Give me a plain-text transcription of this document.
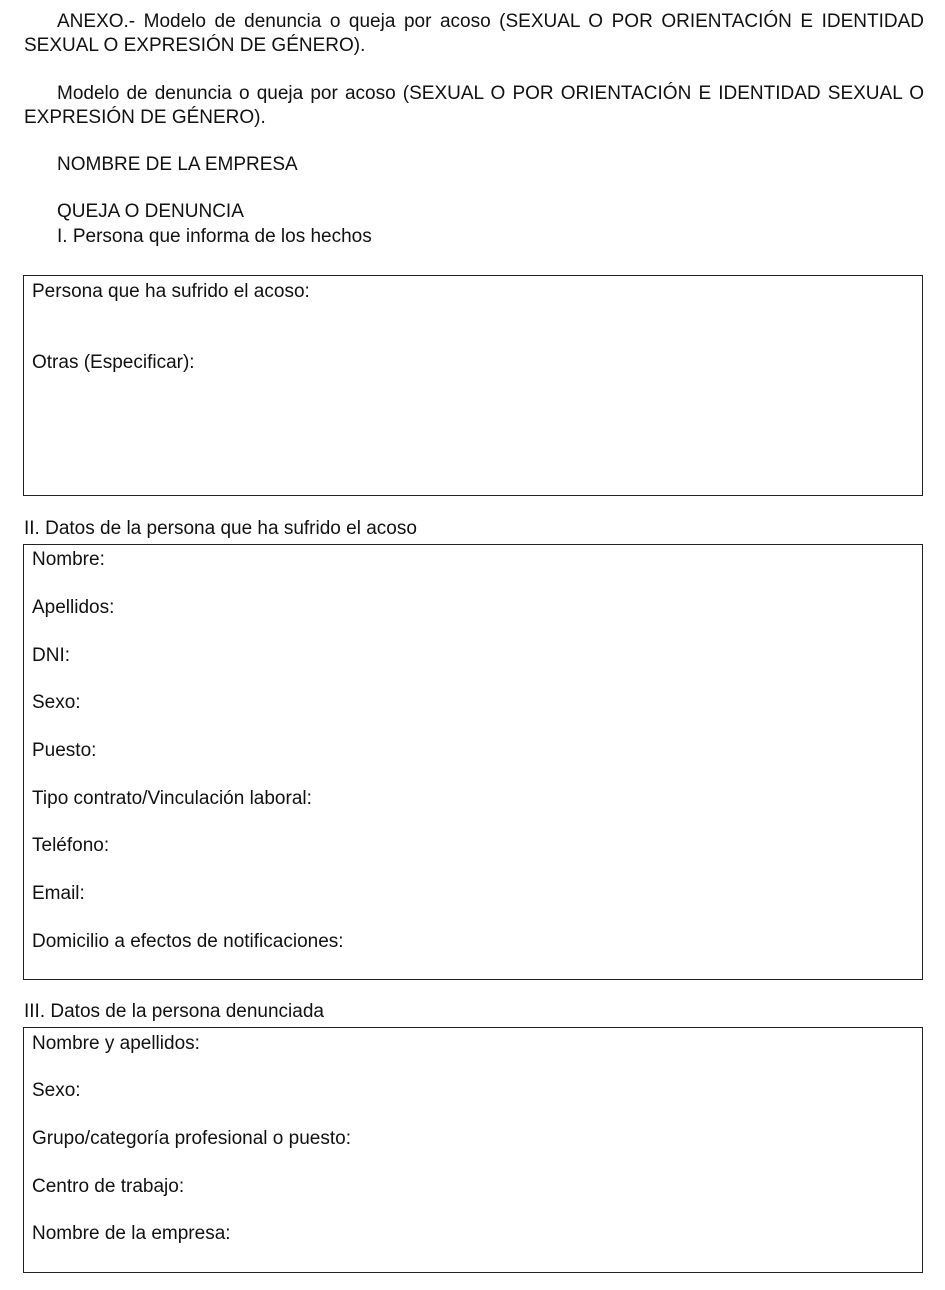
ANEXO.- Modelo de denuncia o queja por acoso (SEXUAL O POR ORIENTACIÓN E IDENTIDAD SEXUAL O EXPRESIÓN DE GÉNERO).

Modelo de denuncia o queja por acoso (SEXUAL O POR ORIENTACIÓN E IDENTIDAD SEXUAL O EXPRESIÓN DE GÉNERO).

NOMBRE DE LA EMPRESA

QUEJA O DENUNCIA

I. Persona que informa de los hechos

Persona que ha sufrido el acoso:

Otras (Especificar):

II. Datos de la persona que ha sufrido el acoso

Nombre:

Apellidos:

DNI:

Sexo:

Puesto:

Tipo contrato/Vinculación laboral:

Teléfono:

Email:

Domicilio a efectos de notificaciones:

III. Datos de la persona denunciada

Nombre y apellidos:

Sexo:

Grupo/categoría profesional o puesto:

Centro de trabajo:

Nombre de la empresa:
